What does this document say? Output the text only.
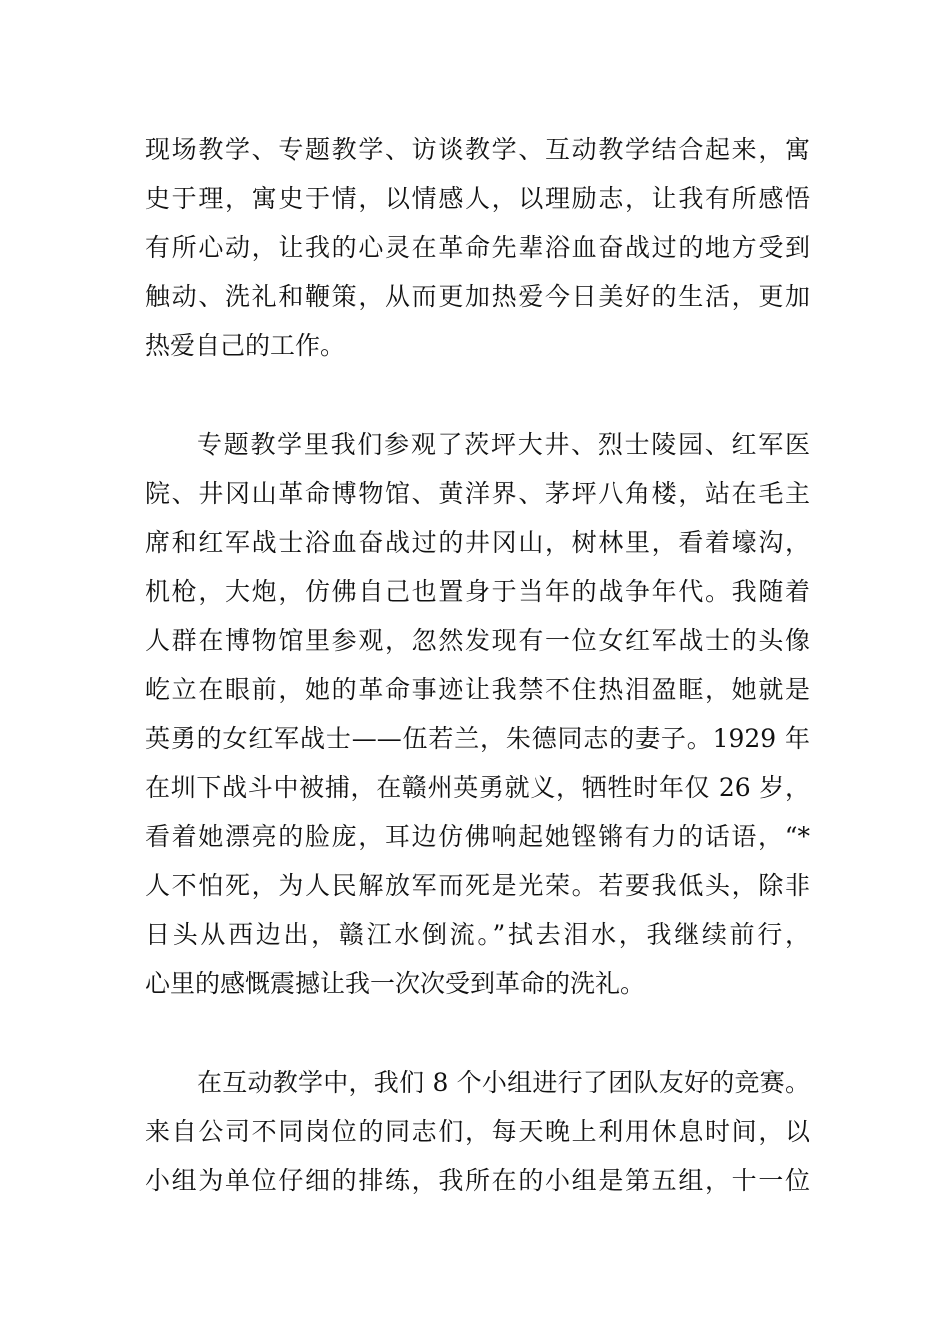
现场教学、专题教学、访谈教学、互动教学结合起来，寓
史于理，寓史于情，以情感人，以理励志，让我有所感悟
有所心动，让我的心灵在革命先辈浴血奋战过的地方受到
触动、洗礼和鞭策，从而更加热爱今日美好的生活，更加
热爱自己的工作。
专题教学里我们参观了茨坪大井、烈士陵园、红军医
院、井冈山革命博物馆、黄洋界、茅坪八角楼，站在毛主
席和红军战士浴血奋战过的井冈山，树林里，看着壕沟，
机枪，大炮，仿佛自己也置身于当年的战争年代。我随着
人群在博物馆里参观，忽然发现有一位女红军战士的头像
屹立在眼前，她的革命事迹让我禁不住热泪盈眶，她就是
英勇的女红军战士——伍若兰，朱德同志的妻子。1929 年
在圳下战斗中被捕，在赣州英勇就义，牺牲时年仅 26 岁，
看着她漂亮的脸庞，耳边仿佛响起她铿锵有力的话语，“*
人不怕死，为人民解放军而死是光荣。若要我低头，除非
日头从西边出，赣江水倒流。”拭去泪水，我继续前行，
心里的感慨震撼让我一次次受到革命的洗礼。
在互动教学中，我们 8 个小组进行了团队友好的竞赛。
来自公司不同岗位的同志们，每天晚上利用休息时间，以
小组为单位仔细的排练，我所在的小组是第五组，十一位
